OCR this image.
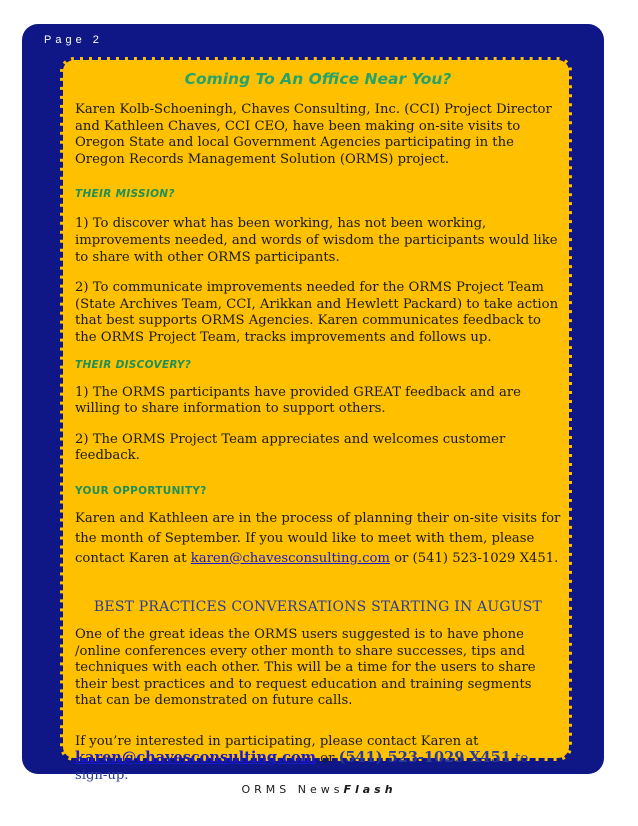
Page 2
Coming To An Office Near You?

Karen Kolb-Schoeningh, Chaves Consulting, Inc. (CCI) Project Director and Kathleen Chaves, CCI CEO, have been making on-site visits to Oregon State and local Government Agencies participating in the Oregon Records Management Solution (ORMS) project.

THEIR MISSION?

1) To discover what has been working, has not been working, improvements needed, and words of wisdom the participants would like to share with other ORMS participants.

2) To communicate improvements needed for the ORMS Project Team (State Archives Team, CCI, Arikkan and Hewlett Packard) to take action that best supports ORMS Agencies. Karen communicates feedback to the ORMS Project Team, tracks improvements and follows up.

THEIR DISCOVERY?

1) The ORMS participants have provided GREAT feedback and are willing to share information to support others.

2) The ORMS Project Team appreciates and welcomes customer feedback.

YOUR OPPORTUNITY?

Karen and Kathleen are in the process of planning their on-site visits for the month of September. If you would like to meet with them, please contact Karen at karen@chavesconsulting.com or (541) 523-1029 X451.

BEST PRACTICES CONVERSATIONS STARTING IN AUGUST

One of the great ideas the ORMS users suggested is to have phone /online conferences every other month to share successes, tips and techniques with each other. This will be a time for the users to share their best practices and to request education and training segments that can be demonstrated on future calls.

If you’re interested in participating, please contact Karen at
karen@chavesconsulting.com or (541) 523-1029 X451 to sign-up.

ORMS NewsFlash
